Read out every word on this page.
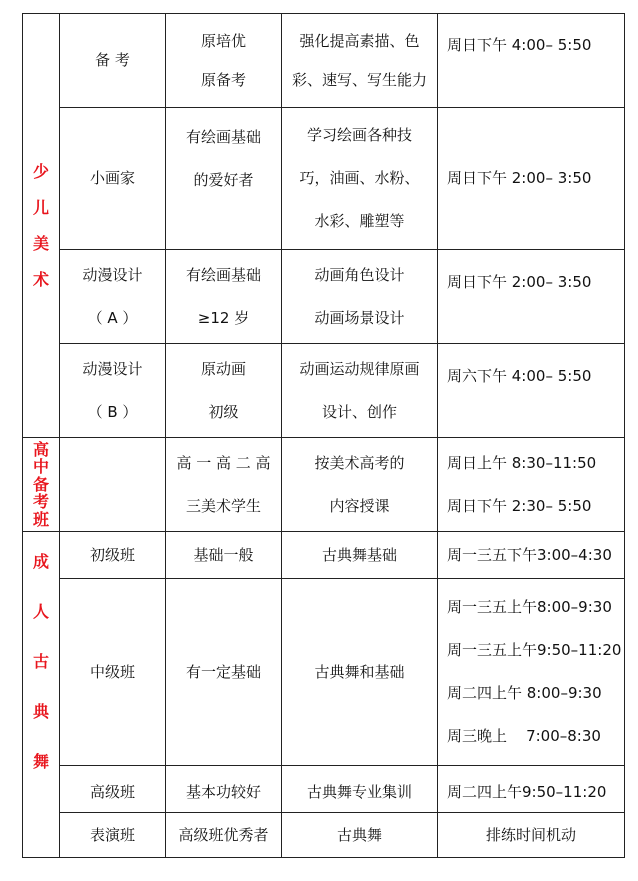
少
儿
美
术	备 考	原培优
原备考	强化提高素描、色
彩、速写、写生能力	周日下午 4:00– 5:50

	小画家	有绘画基础
的爱好者	学习绘画各种技
巧，油画、水粉、
水彩、雕塑等	周日下午 2:00– 3:50

	动漫设计
（ A ）	有绘画基础
≥12 岁	动画角色设计
动画场景设计	周日下午 2:00– 3:50

	动漫设计
（ B ）	原动画
初级	动画运动规律原画
设计、创作	周六下午 4:00– 5:50

高
中
备
考
班		高 一 高 二 高
三美术学生	按美术高考的
内容授课	周日上午 8:30–11:50
周日下午 2:30– 5:50

成
人
古
典
舞	初级班	基础一般	古典舞基础	周一三五下午3:00–4:30

	中级班	有一定基础	古典舞和基础	周一三五上午8:00–9:30
周一三五上午9:50–11:20
周二四上午 8:00–9:30
周三晚上    7:00–8:30

	高级班	基本功较好	古典舞专业集训	周二四上午9:50–11:20

	表演班	高级班优秀者	古典舞	排练时间机动
